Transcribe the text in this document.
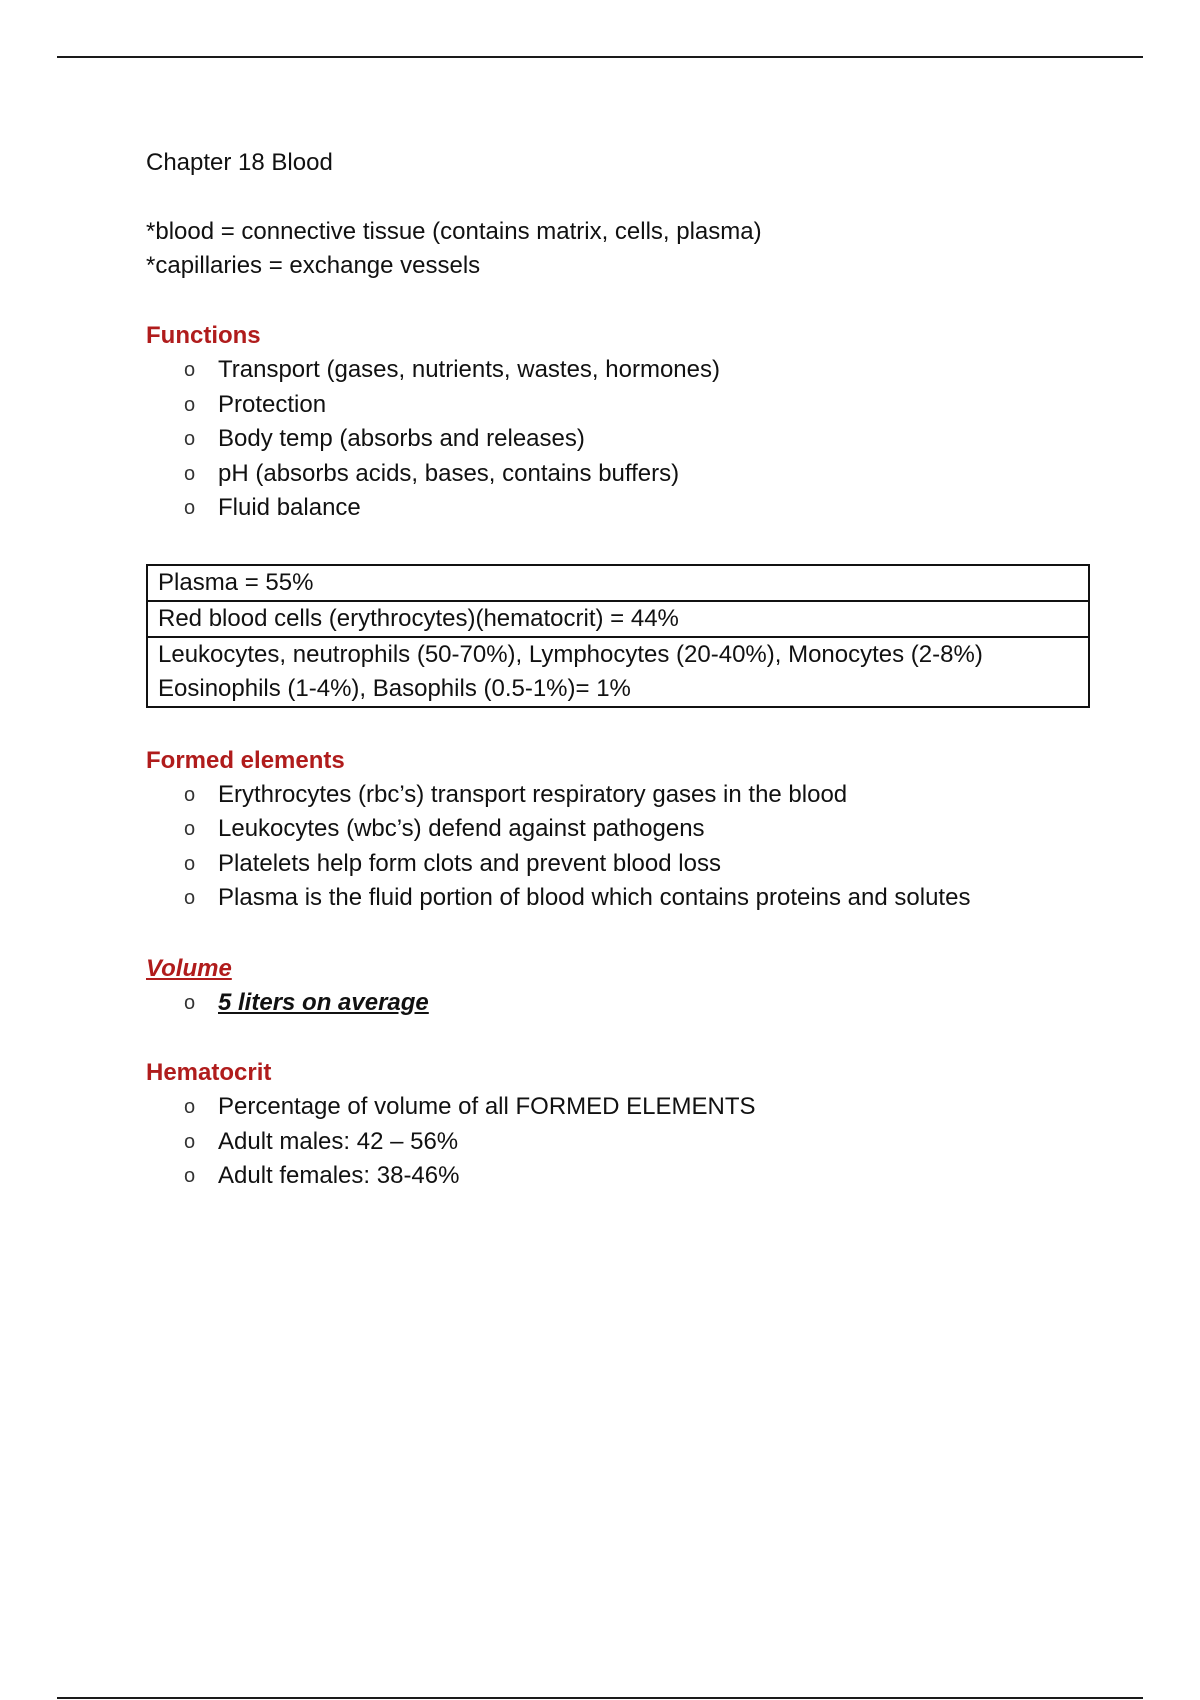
Chapter 18 Blood
*blood = connective tissue (contains matrix, cells, plasma)
*capillaries = exchange vessels
Functions
o Transport (gases, nutrients, wastes, hormones)
o Protection
o Body temp (absorbs and releases)
o pH (absorbs acids, bases, contains buffers)
o Fluid balance
Plasma = 55%

Red blood cells (erythrocytes)(hematocrit) = 44%

Leukocytes, neutrophils (50-70%), Lymphocytes (20-40%), Monocytes (2-8%)
Eosinophils (1-4%), Basophils (0.5-1%)= 1%
Formed elements
o Erythrocytes (rbc’s) transport respiratory gases in the blood
o Leukocytes (wbc’s) defend against pathogens
o Platelets help form clots and prevent blood loss
o Plasma is the fluid portion of blood which contains proteins and solutes
Volume
o 5 liters on average
Hematocrit
o Percentage of volume of all FORMED ELEMENTS
o Adult males: 42 – 56%
o Adult females: 38-46%
